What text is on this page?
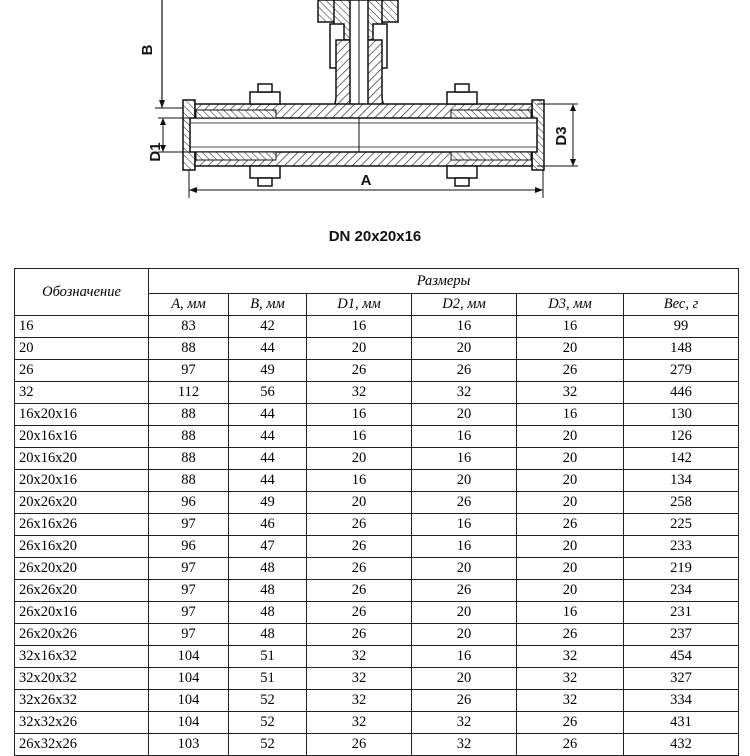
B
D1
D3
A
DN 20x20x16
Обозначение	Размеры					
	A, мм	B, мм	D1, мм	D2, мм	D3, мм	Вес, г
16	83	42	16	16	16	99
20	88	44	20	20	20	148
26	97	49	26	26	26	279
32	112	56	32	32	32	446
16x20x16	88	44	16	20	16	130
20x16x16	88	44	16	16	20	126
20x16x20	88	44	20	16	20	142
20x20x16	88	44	16	20	20	134
20x26x20	96	49	20	26	20	258
26x16x26	97	46	26	16	26	225
26x16x20	96	47	26	16	20	233
26x20x20	97	48	26	20	20	219
26x26x20	97	48	26	26	20	234
26x20x16	97	48	26	20	16	231
26x20x26	97	48	26	20	26	237
32x16x32	104	51	32	16	32	454
32x20x32	104	51	32	20	32	327
32x26x32	104	52	32	26	32	334
32x32x26	104	52	32	32	26	431
26x32x26	103	52	26	32	26	432
